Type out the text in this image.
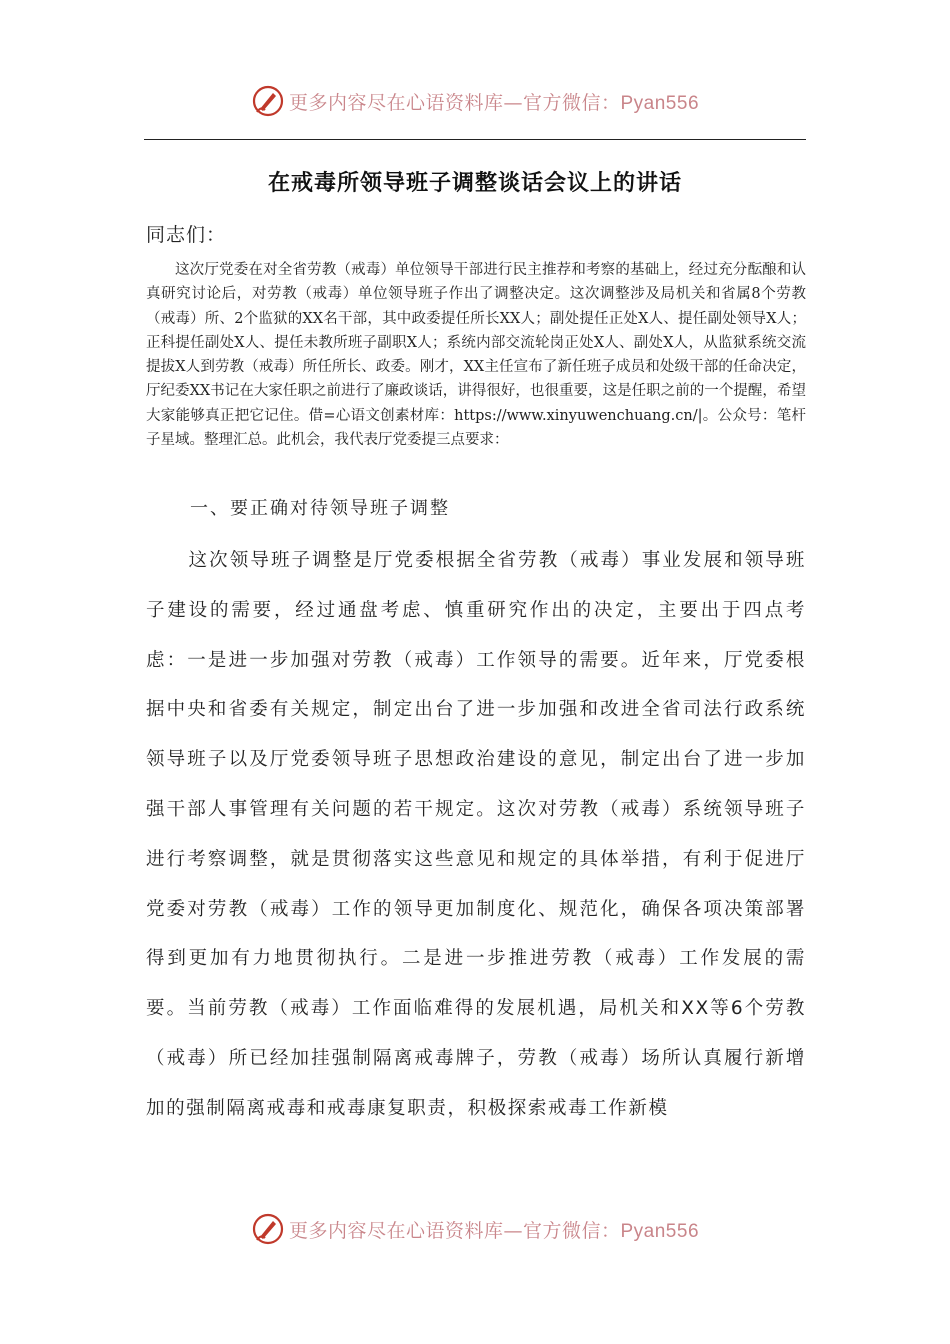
更多内容尽在心语资料库—官方微信：Pyan556
在戒毒所领导班子调整谈话会议上的讲话
同志们：
这次厅党委在对全省劳教（戒毒）单位领导干部进行民主推荐和考察的基础上，经过充分酝酿和认真研究讨论后，对劳教（戒毒）单位领导班子作出了调整决定。这次调整涉及局机关和省属8个劳教（戒毒）所、2个监狱的XX名干部，其中政委提任所长XX人；副处提任正处X人、提任副处领导X人；正科提任副处X人、提任未教所班子副职X人；系统内部交流轮岗正处X人、副处X人，从监狱系统交流提拔X人到劳教（戒毒）所任所长、政委。刚才，XX主任宣布了新任班子成员和处级干部的任命决定，厅纪委XX书记在大家任职之前进行了廉政谈话，讲得很好，也很重要，这是任职之前的一个提醒，希望大家能够真正把它记住。借=心语文创素材库：https://www.xinyuwenchuang.cn/|。公众号：笔杆子星域。整理汇总。此机会，我代表厅党委提三点要求：
一、要正确对待领导班子调整
这次领导班子调整是厅党委根据全省劳教（戒毒）事业发展和领导班子建设的需要，经过通盘考虑、慎重研究作出的决定，主要出于四点考虑：一是进一步加强对劳教（戒毒）工作领导的需要。近年来，厅党委根据中央和省委有关规定，制定出台了进一步加强和改进全省司法行政系统领导班子以及厅党委领导班子思想政治建设的意见，制定出台了进一步加强干部人事管理有关问题的若干规定。这次对劳教（戒毒）系统领导班子进行考察调整，就是贯彻落实这些意见和规定的具体举措，有利于促进厅党委对劳教（戒毒）工作的领导更加制度化、规范化，确保各项决策部署得到更加有力地贯彻执行。二是进一步推进劳教（戒毒）工作发展的需要。当前劳教（戒毒）工作面临难得的发展机遇，局机关和XX等6个劳教（戒毒）所已经加挂强制隔离戒毒牌子，劳教（戒毒）场所认真履行新增加的强制隔离戒毒和戒毒康复职责，积极探索戒毒工作新模
更多内容尽在心语资料库—官方微信：Pyan556
